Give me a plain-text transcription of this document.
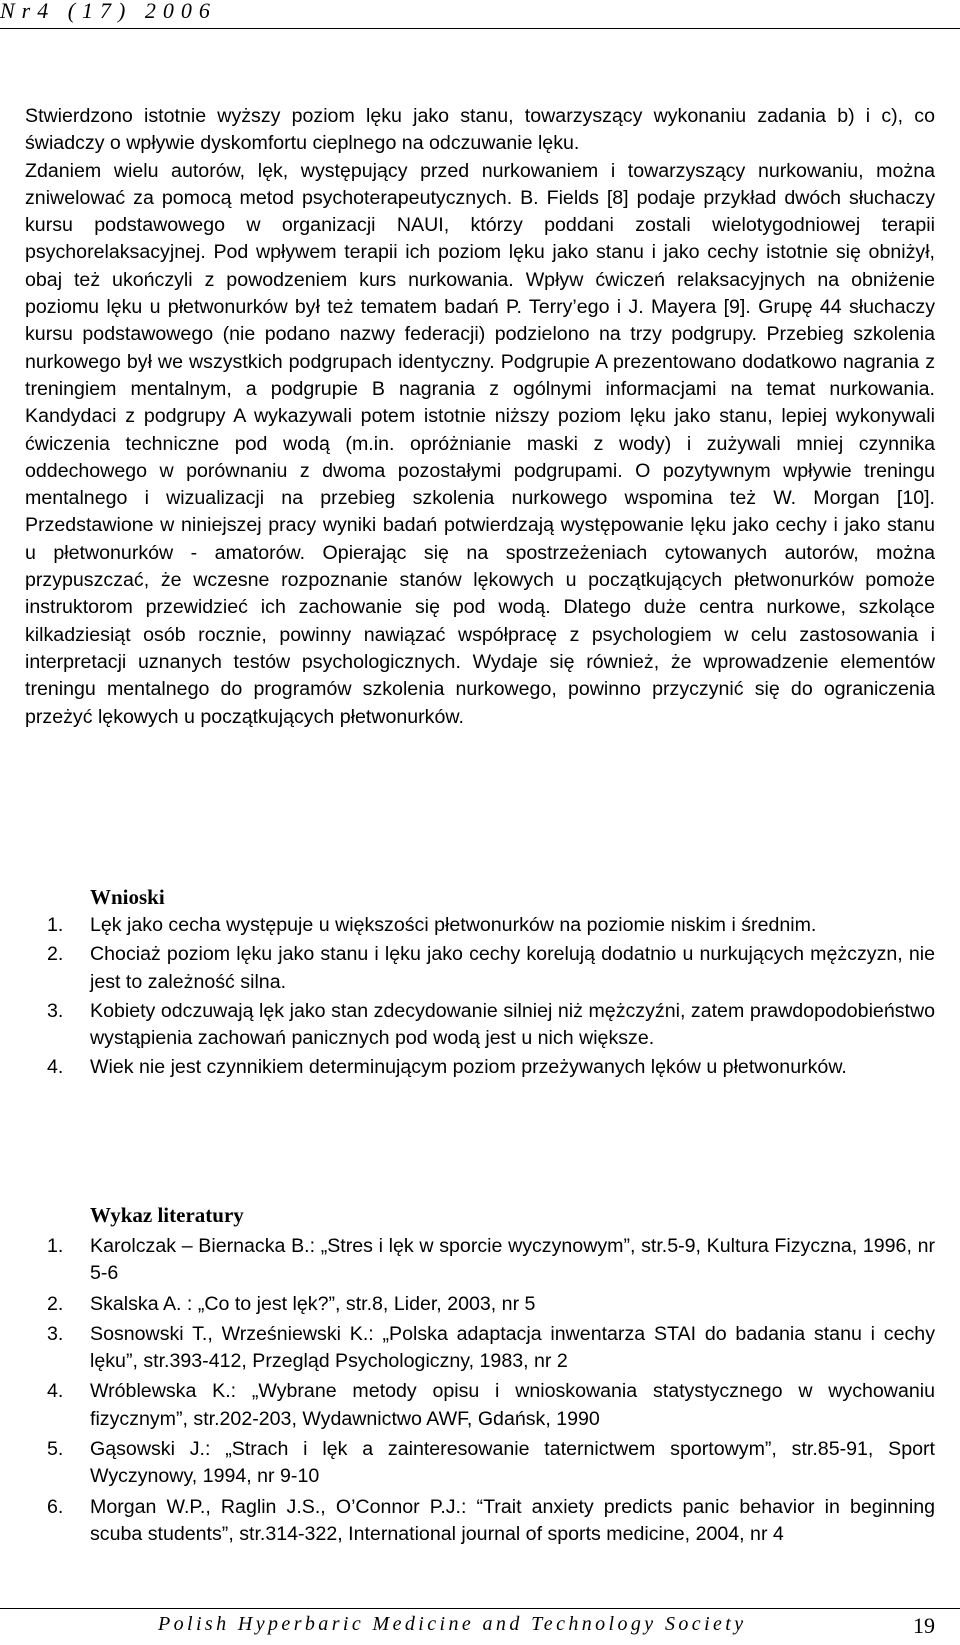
Nr4 (17) 2006

Stwierdzono istotnie wyższy poziom lęku jako stanu, towarzyszący wykonaniu zadania b) i c), co świadczy o wpływie dyskomfortu cieplnego na odczuwanie lęku.

Zdaniem wielu autorów, lęk, występujący przed nurkowaniem i towarzyszący nurkowaniu, można zniwelować za pomocą metod psychoterapeutycznych. B. Fields [8] podaje przykład dwóch słuchaczy kursu podstawowego w organizacji NAUI, którzy poddani zostali wielotygodniowej terapii psychorelaksacyjnej. Pod wpływem terapii ich poziom lęku jako stanu i jako cechy istotnie się obniżył, obaj też ukończyli z powodzeniem kurs nurkowania. Wpływ ćwiczeń relaksacyjnych na obniżenie poziomu lęku u płetwonurków był też tematem badań P. Terry’ego i J. Mayera [9]. Grupę 44 słuchaczy kursu podstawowego (nie podano nazwy federacji) podzielono na trzy podgrupy. Przebieg szkolenia nurkowego był we wszystkich podgrupach identyczny. Podgrupie A prezentowano dodatkowo nagrania z treningiem mentalnym, a podgrupie B nagrania z ogólnymi informacjami na temat nurkowania. Kandydaci z podgrupy A wykazywali potem istotnie niższy poziom lęku jako stanu, lepiej wykonywali ćwiczenia techniczne pod wodą (m.in. opróżnianie maski z wody) i zużywali mniej czynnika oddechowego w porównaniu z dwoma pozostałymi podgrupami. O pozytywnym wpływie treningu mentalnego i wizualizacji na przebieg szkolenia nurkowego wspomina też W. Morgan [10]. Przedstawione w niniejszej pracy wyniki badań potwierdzają występowanie lęku jako cechy i jako stanu u płetwonurków - amatorów. Opierając się na spostrzeżeniach cytowanych autorów, można przypuszczać, że wczesne rozpoznanie stanów lękowych u początkujących płetwonurków pomoże instruktorom przewidzieć ich zachowanie się pod wodą. Dlatego duże centra nurkowe, szkolące kilkadziesiąt osób rocznie, powinny nawiązać współpracę z psychologiem w celu zastosowania i interpretacji uznanych testów psychologicznych. Wydaje się również, że wprowadzenie elementów treningu mentalnego do programów szkolenia nurkowego, powinno przyczynić się do ograniczenia przeżyć lękowych u początkujących płetwonurków.

Wnioski
1. Lęk jako cecha występuje u większości płetwonurków na poziomie niskim i średnim.
2. Chociaż poziom lęku jako stanu i lęku jako cechy korelują dodatnio u nurkujących mężczyzn, nie jest to zależność silna.
3. Kobiety odczuwają lęk jako stan zdecydowanie silniej niż mężczyźni, zatem prawdopodobieństwo wystąpienia zachowań panicznych pod wodą jest u nich większe.
4. Wiek nie jest czynnikiem determinującym poziom przeżywanych lęków u płetwonurków.
Wykaz literatury
1. Karolczak – Biernacka B.: „Stres i lęk w sporcie wyczynowym”, str.5-9, Kultura Fizyczna, 1996, nr 5-6
2. Skalska A. : „Co to jest lęk?”, str.8, Lider, 2003, nr 5
3. Sosnowski T., Wrześniewski K.: „Polska adaptacja inwentarza STAI do badania stanu i cechy lęku”, str.393-412, Przegląd Psychologiczny, 1983, nr 2
4. Wróblewska K.: „Wybrane metody opisu i wnioskowania statystycznego w wychowaniu fizycznym”, str.202-203, Wydawnictwo AWF, Gdańsk, 1990
5. Gąsowski J.: „Strach i lęk a zainteresowanie taternictwem sportowym”, str.85-91, Sport Wyczynowy, 1994, nr 9-10
6. Morgan W.P., Raglin J.S., O’Connor P.J.: “Trait anxiety predicts panic behavior in beginning scuba students”, str.314-322, International journal of sports medicine, 2004, nr 4
Polish Hyperbaric Medicine and Technology Society	19
